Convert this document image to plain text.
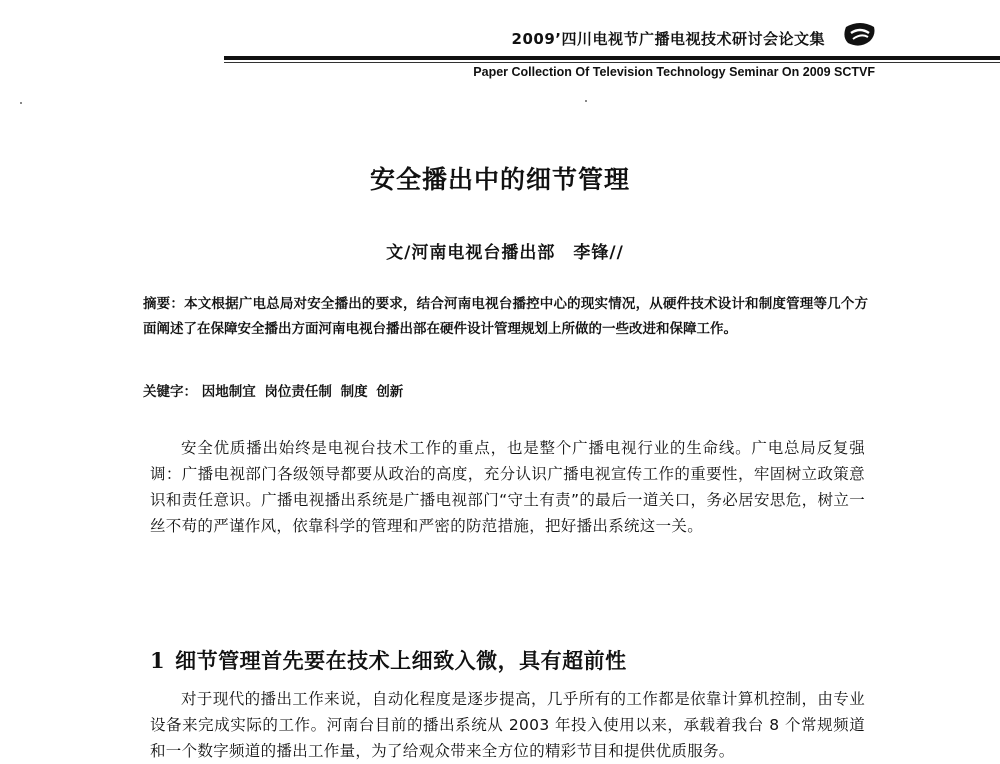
2009’四川电视节广播电视技术研讨会论文集
Paper Collection Of Television Technology Seminar On 2009 SCTVF
安全播出中的细节管理
文/河南电视台播出部　李锋//
摘要：本文根据广电总局对安全播出的要求，结合河南电视台播控中心的现实情况，从硬件技术设计和制度管理等几个方面阐述了在保障安全播出方面河南电视台播出部在硬件设计管理规划上所做的一些改进和保障工作。
关键字： 因地制宜 岗位责任制 制度 创新
安全优质播出始终是电视台技术工作的重点，也是整个广播电视行业的生命线。广电总局反复强调：广播电视部门各级领导都要从政治的高度，充分认识广播电视宣传工作的重要性，牢固树立政策意识和责任意识。广播电视播出系统是广播电视部门“守土有责”的最后一道关口，务必居安思危，树立一丝不苟的严谨作风，依靠科学的管理和严密的防范措施，把好播出系统这一关。
1 细节管理首先要在技术上细致入微，具有超前性
对于现代的播出工作来说，自动化程度是逐步提高，几乎所有的工作都是依靠计算机控制，由专业设备来完成实际的工作。河南台目前的播出系统从 2003 年投入使用以来，承载着我台 8 个常规频道和一个数字频道的播出工作量，为了给观众带来全方位的精彩节目和提供优质服务。
